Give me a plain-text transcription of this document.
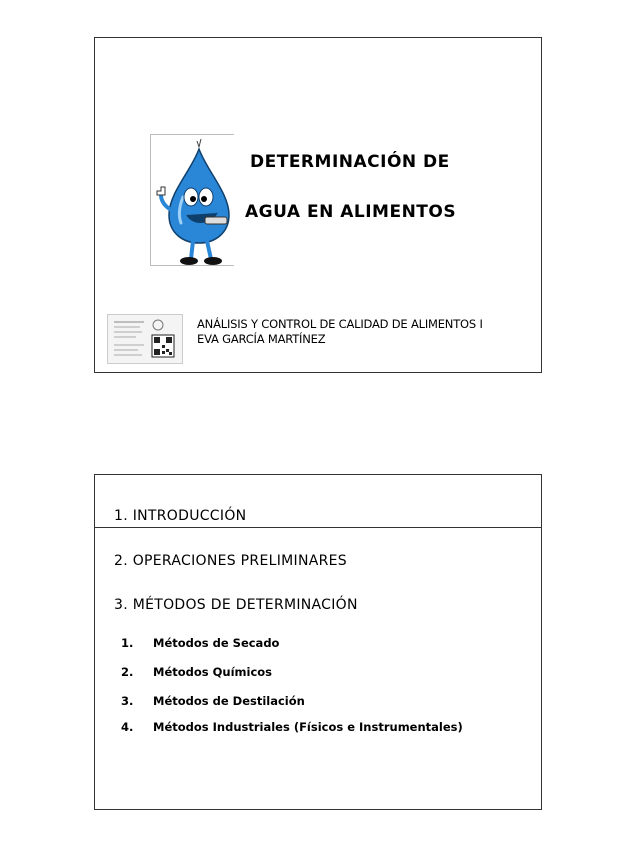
DETERMINACIÓN DE
AGUA EN ALIMENTOS
ANÁLISIS Y CONTROL DE CALIDAD DE ALIMENTOS I
EVA GARCÍA MARTÍNEZ
1. INTRODUCCIÓN
2. OPERACIONES PRELIMINARES
3. MÉTODOS DE DETERMINACIÓN
1. Métodos de Secado
2. Métodos Químicos
3. Métodos de Destilación
4. Métodos Industriales (Físicos e Instrumentales)
